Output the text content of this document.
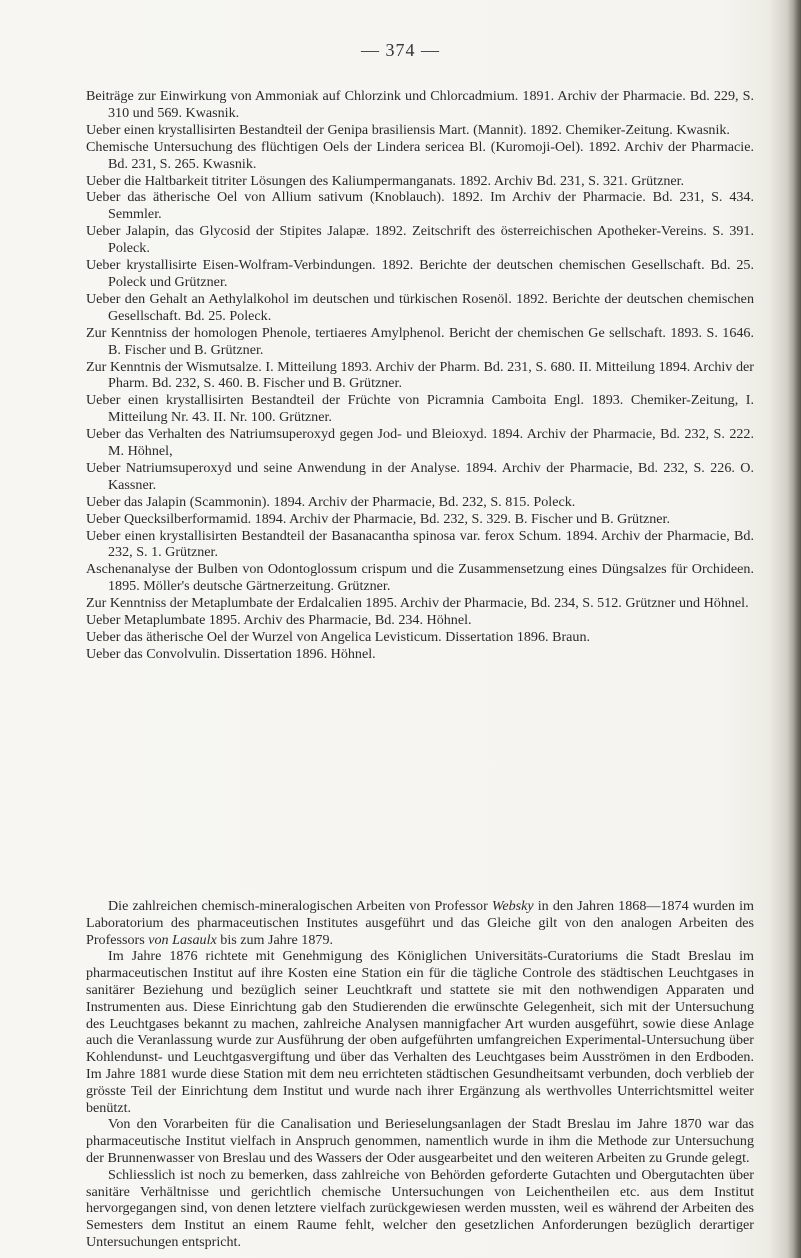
— 374 —

Beiträge zur Einwirkung von Ammoniak auf Chlorzink und Chlorcadmium. 1891. Archiv der Pharmacie. Bd. 229, S. 310 und 569. Kwasnik.

Ueber einen krystallisirten Bestandteil der Genipa brasiliensis Mart. (Mannit). 1892. Chemiker-Zeitung. Kwasnik.

Chemische Untersuchung des flüchtigen Oels der Lindera sericea Bl. (Kuromoji-Oel). 1892. Archiv der Pharmacie. Bd. 231, S. 265. Kwasnik.

Ueber die Haltbarkeit titriter Lösungen des Kaliumpermanganats. 1892. Archiv Bd. 231, S. 321. Grützner.

Ueber das ätherische Oel von Allium sativum (Knoblauch). 1892. Im Archiv der Pharmacie. Bd. 231, S. 434. Semmler.

Ueber Jalapin, das Glycosid der Stipites Jalapæ. 1892. Zeitschrift des österreichischen Apotheker-Vereins. S. 391. Poleck.

Ueber krystallisirte Eisen-Wolfram-Verbindungen. 1892. Berichte der deutschen chemischen Gesellschaft. Bd. 25. Poleck und Grützner.

Ueber den Gehalt an Aethylalkohol im deutschen und türkischen Rosenöl. 1892. Berichte der deutschen chemischen Gesellschaft. Bd. 25. Poleck.

Zur Kenntniss der homologen Phenole, tertiaeres Amylphenol. Bericht der chemischen Ge sellschaft. 1893. S. 1646. B. Fischer und B. Grützner.

Zur Kenntnis der Wismutsalze. I. Mitteilung 1893. Archiv der Pharm. Bd. 231, S. 680. II. Mitteilung 1894. Archiv der Pharm. Bd. 232, S. 460. B. Fischer und B. Grützner.

Ueber einen krystallisirten Bestandteil der Früchte von Picramnia Camboita Engl. 1893. Chemiker-Zeitung, I. Mitteilung Nr. 43. II. Nr. 100. Grützner.

Ueber das Verhalten des Natriumsuperoxyd gegen Jod- und Bleioxyd. 1894. Archiv der Pharmacie, Bd. 232, S. 222. M. Höhnel,

Ueber Natriumsuperoxyd und seine Anwendung in der Analyse. 1894. Archiv der Pharmacie, Bd. 232, S. 226. O. Kassner.

Ueber das Jalapin (Scammonin). 1894. Archiv der Pharmacie, Bd. 232, S. 815. Poleck.

Ueber Quecksilberformamid. 1894. Archiv der Pharmacie, Bd. 232, S. 329. B. Fischer und B. Grützner.

Ueber einen krystallisirten Bestandteil der Basanacantha spinosa var. ferox Schum. 1894. Archiv der Pharmacie, Bd. 232, S. 1. Grützner.

Aschenanalyse der Bulben von Odontoglossum crispum und die Zusammensetzung eines Düngsalzes für Orchideen. 1895. Möller's deutsche Gärtnerzeitung. Grützner.

Zur Kenntniss der Metaplumbate der Erdalcalien 1895. Archiv der Pharmacie, Bd. 234, S. 512. Grützner und Höhnel.

Ueber Metaplumbate 1895. Archiv des Pharmacie, Bd. 234. Höhnel.

Ueber das ätherische Oel der Wurzel von Angelica Levisticum. Dissertation 1896. Braun.

Ueber das Convolvulin. Dissertation 1896. Höhnel.

Die zahlreichen chemisch-mineralogischen Arbeiten von Professor Websky in den Jahren 1868—1874 wurden im Laboratorium des pharmaceutischen Institutes ausgeführt und das Gleiche gilt von den analogen Arbeiten des Professors von Lasaulx bis zum Jahre 1879.

Im Jahre 1876 richtete mit Genehmigung des Königlichen Universitäts-Curatoriums die Stadt Breslau im pharmaceutischen Institut auf ihre Kosten eine Station ein für die tägliche Controle des städtischen Leuchtgases in sanitärer Beziehung und bezüglich seiner Leuchtkraft und stattete sie mit den nothwendigen Apparaten und Instrumenten aus. Diese Einrichtung gab den Studierenden die erwünschte Gelegenheit, sich mit der Untersuchung des Leuchtgases bekannt zu machen, zahlreiche Analysen mannigfacher Art wurden ausgeführt, sowie diese Anlage auch die Veranlassung wurde zur Ausführung der oben aufgeführten umfangreichen Experimental-Untersuchung über Kohlendunst- und Leuchtgasvergiftung und über das Verhalten des Leuchtgases beim Ausströmen in den Erdboden. Im Jahre 1881 wurde diese Station mit dem neu errichteten städtischen Gesundheitsamt verbunden, doch verblieb der grösste Teil der Einrichtung dem Institut und wurde nach ihrer Ergänzung als werthvolles Unterrichtsmittel weiter benützt.

Von den Vorarbeiten für die Canalisation und Berieselungsanlagen der Stadt Breslau im Jahre 1870 war das pharmaceutische Institut vielfach in Anspruch genommen, namentlich wurde in ihm die Methode zur Untersuchung der Brunnenwasser von Breslau und des Wassers der Oder ausgearbeitet und den weiteren Arbeiten zu Grunde gelegt.

Schliesslich ist noch zu bemerken, dass zahlreiche von Behörden geforderte Gutachten und Obergutachten über sanitäre Verhältnisse und gerichtlich chemische Untersuchungen von Leichentheilen etc. aus dem Institut hervorgegangen sind, von denen letztere vielfach zurückgewiesen werden mussten, weil es während der Arbeiten des Semesters dem Institut an einem Raume fehlt, welcher den gesetzlichen Anforderungen bezüglich derartiger Untersuchungen entspricht.
